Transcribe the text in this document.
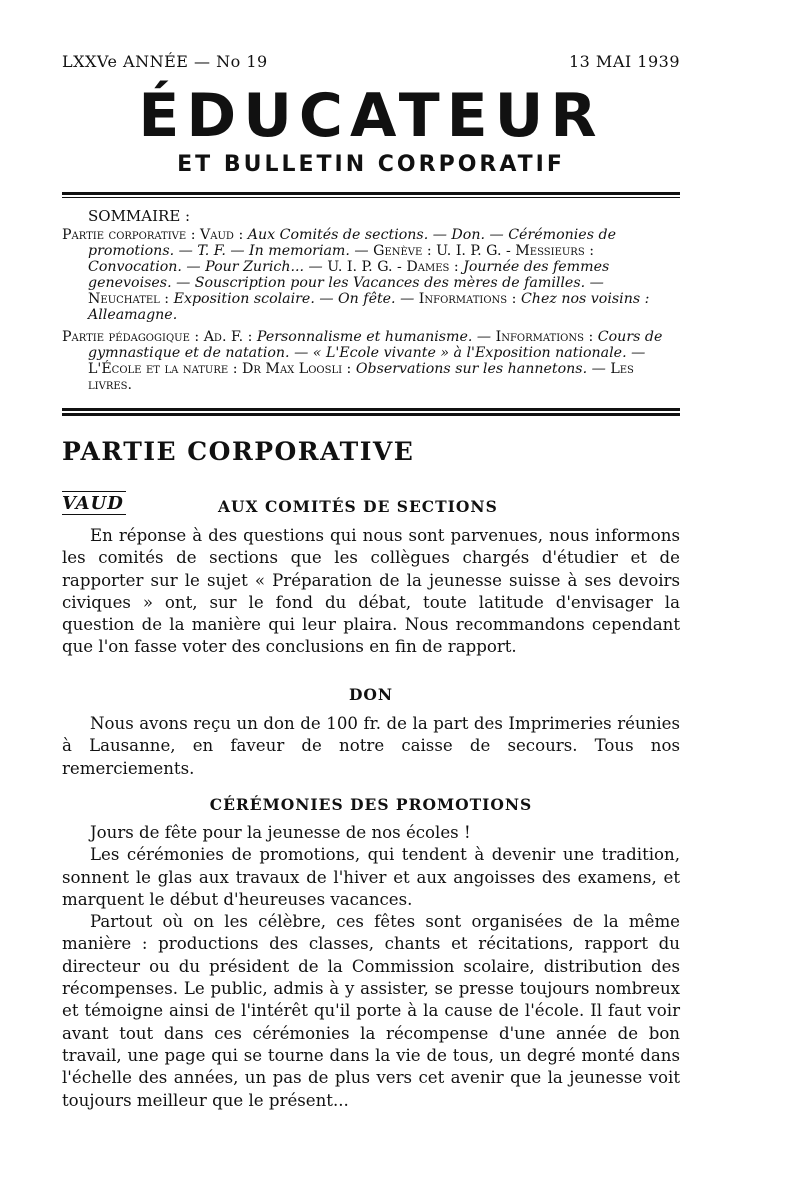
LXXVe ANNÉE — No 19	13 MAI 1939
ÉDUCATEUR
ET BULLETIN CORPORATIF
SOMMAIRE :
Partie corporative : Vaud : Aux Comités de sections. — Don. — Cérémonies de promotions. — T. F. — In memoriam. — Genève : U. I. P. G. - Messieurs : Convocation. — Pour Zurich... — U. I. P. G. - Dames : Journée des femmes genevoises. — Souscription pour les Vacances des mères de familles. — Neuchatel : Exposition scolaire. — On fête. — Informations : Chez nos voisins : Alleamagne.
Partie pédagogique : Ad. F. : Personnalisme et humanisme. — Informations : Cours de gymnastique et de natation. — « L'Ecole vivante » à l'Exposition nationale. — L'École et la nature : Dr Max Loosli : Observations sur les hannetons. — Les livres.
PARTIE CORPORATIVE
VAUD	AUX COMITÉS DE SECTIONS

En réponse à des questions qui nous sont parvenues, nous informons les comités de sections que les collègues chargés d'étudier et de rapporter sur le sujet « Préparation de la jeunesse suisse à ses devoirs civiques » ont, sur le fond du débat, toute latitude d'envisager la question de la manière qui leur plaira. Nous recommandons cependant que l'on fasse voter des conclusions en fin de rapport.

DON

Nous avons reçu un don de 100 fr. de la part des Imprimeries réunies à Lausanne, en faveur de notre caisse de secours. Tous nos remerciements.

CÉRÉMONIES DES PROMOTIONS

Jours de fête pour la jeunesse de nos écoles !

Les cérémonies de promotions, qui tendent à devenir une tradition, sonnent le glas aux travaux de l'hiver et aux angoisses des examens, et marquent le début d'heureuses vacances.

Partout où on les célèbre, ces fêtes sont organisées de la même manière : productions des classes, chants et récitations, rapport du directeur ou du président de la Commission scolaire, distribution des récompenses. Le public, admis à y assister, se presse toujours nombreux et témoigne ainsi de l'intérêt qu'il porte à la cause de l'école. Il faut voir avant tout dans ces cérémonies la récompense d'une année de bon travail, une page qui se tourne dans la vie de tous, un degré monté dans l'échelle des années, un pas de plus vers cet avenir que la jeunesse voit toujours meilleur que le présent...
